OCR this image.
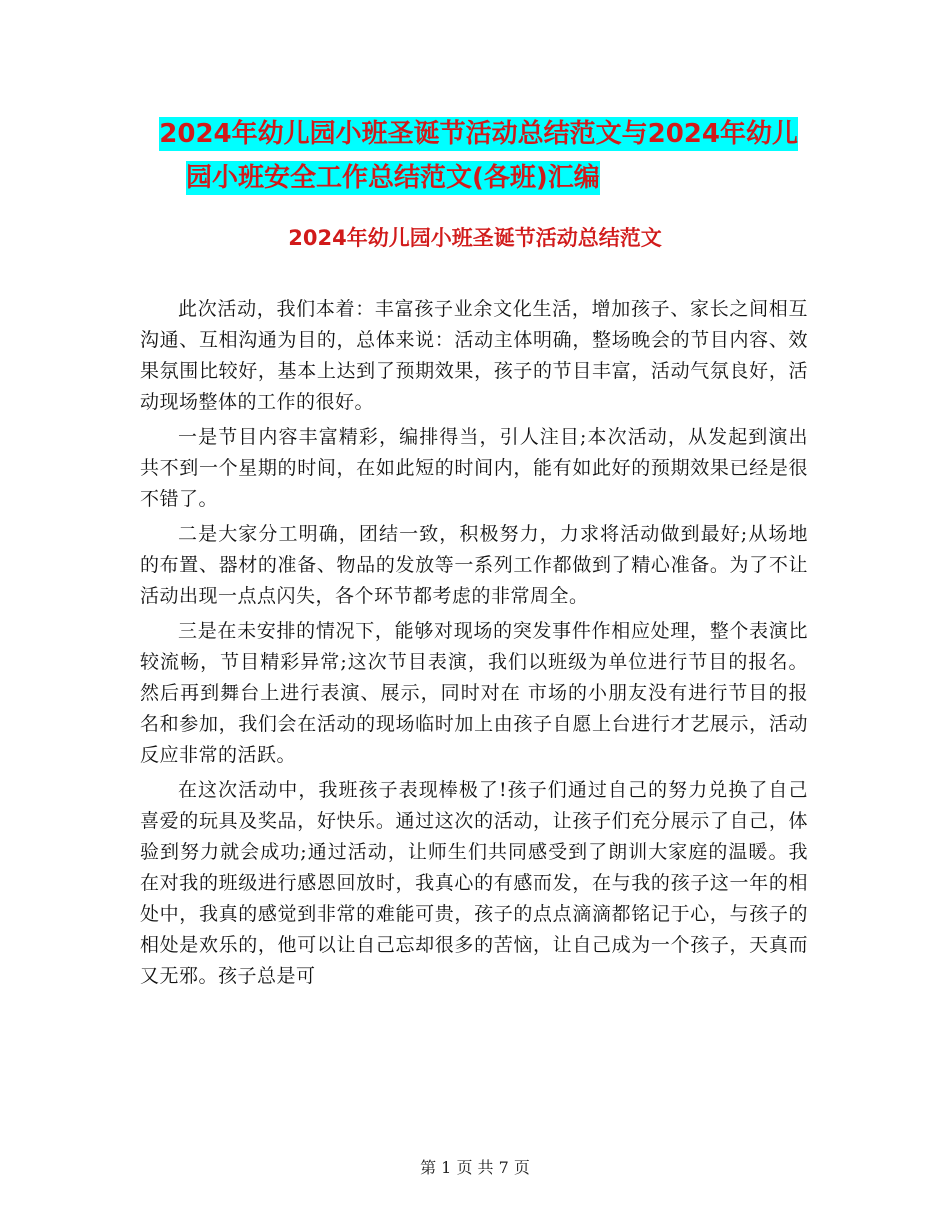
2024年幼儿园小班圣诞节活动总结范文与2024年幼儿
园小班安全工作总结范文(各班)汇编
2024年幼儿园小班圣诞节活动总结范文

此次活动，我们本着：丰富孩子业余文化生活，增加孩子、家长之间相互沟通、互相沟通为目的，总体来说：活动主体明确，整场晚会的节目内容、效果氛围比较好，基本上达到了预期效果，孩子的节目丰富，活动气氛良好，活动现场整体的工作的很好。

一是节目内容丰富精彩，编排得当，引人注目;本次活动，从发起到演出共不到一个星期的时间，在如此短的时间内，能有如此好的预期效果已经是很不错了。

二是大家分工明确，团结一致，积极努力，力求将活动做到最好;从场地的布置、器材的准备、物品的发放等一系列工作都做到了精心准备。为了不让活动出现一点点闪失，各个环节都考虑的非常周全。

三是在未安排的情况下，能够对现场的突发事件作相应处理，整个表演比较流畅，节目精彩异常;这次节目表演，我们以班级为单位进行节目的报名。然后再到舞台上进行表演、展示，同时对在 市场的小朋友没有进行节目的报名和参加，我们会在活动的现场临时加上由孩子自愿上台进行才艺展示，活动反应非常的活跃。

在这次活动中，我班孩子表现棒极了!孩子们通过自己的努力兑换了自己喜爱的玩具及奖品，好快乐。通过这次的活动，让孩子们充分展示了自己，体验到努力就会成功;通过活动，让师生们共同感受到了朗训大家庭的温暖。我在对我的班级进行感恩回放时，我真心的有感而发，在与我的孩子这一年的相处中，我真的感觉到非常的难能可贵，孩子的点点滴滴都铭记于心，与孩子的相处是欢乐的，他可以让自己忘却很多的苦恼，让自己成为一个孩子，天真而又无邪。孩子总是可

第 1 页 共 7 页
